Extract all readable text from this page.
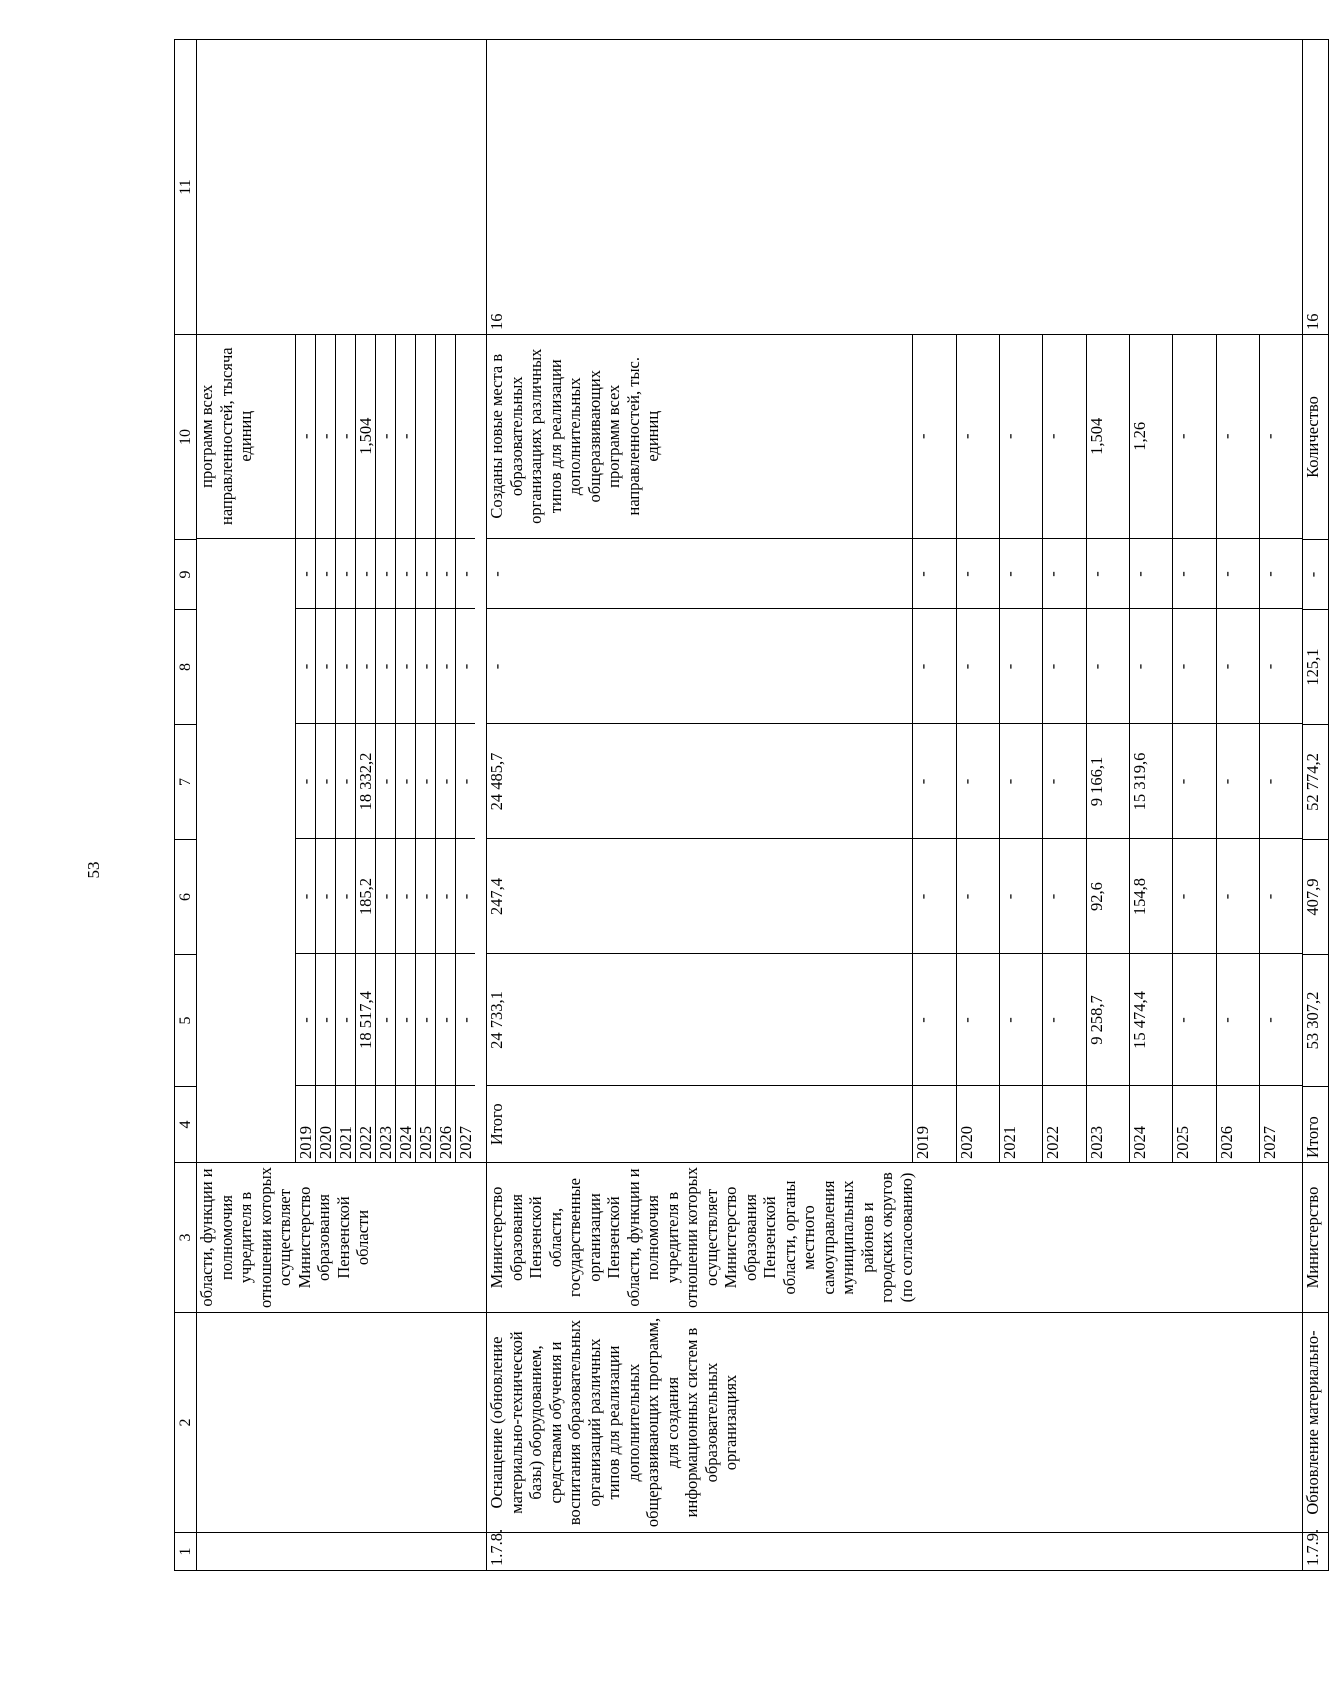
53
1	2	3	4	5	6	7	8	9	10	11
		области, функции и полномочия учредителя в отношении которых осуществляет Министерство образования Пензенской области	
	программ всех направленностей, тысяча единиц
2019	-	-	-	-	-	-
2020	-	-	-	-	-	-
2021	-	-	-	-	-	-
2022	18 517,4	185,2	18 332,2	-	-	1,504
2023	-	-	-	-	-	-
2024	-	-	-	-	-	-
2025	-	-	-	-	-	
2026	-	-	-	-	-	
2027	-	-	-	-	-	

1.7.8.	Оснащение (обновление материально-технической базы) оборудованием, средствами обучения и воспитания образовательных организаций различных типов для реализации дополнительных общеразвивающих программ, для создания информационных систем в образовательных организациях	Министерство образования Пензенской области, государственные организации Пензенской области, функции и полномочия учредителя в отношении которых осуществляет Министерство образования Пензенской области, органы местного самоуправления муниципальных районов и городских округов (по согласованию)	
Итого	24 733,1	247,4	24 485,7	-	-	Созданы новые места в образовательных организациях различных типов для реализации дополнительных общеразвивающих программ всех направленностей, тыс. единиц
2019	-	-	-	-	-	-
2020	-	-	-	-	-	-
2021	-	-	-	-	-	-
2022	-	-	-	-	-	-
2023	9 258,7	92,6	9 166,1	-	-	1,504
2024	15 474,4	154,8	15 319,6	-	-	1,26
2025	-	-	-	-	-	-
2026	-	-	-	-	-	-
2027	-	-	-	-	-	-
	16
1.7.9.	Обновление материально-	Министерство	Итого	53 307,2	407,9	52 774,2	125,1	-	Количество	16
